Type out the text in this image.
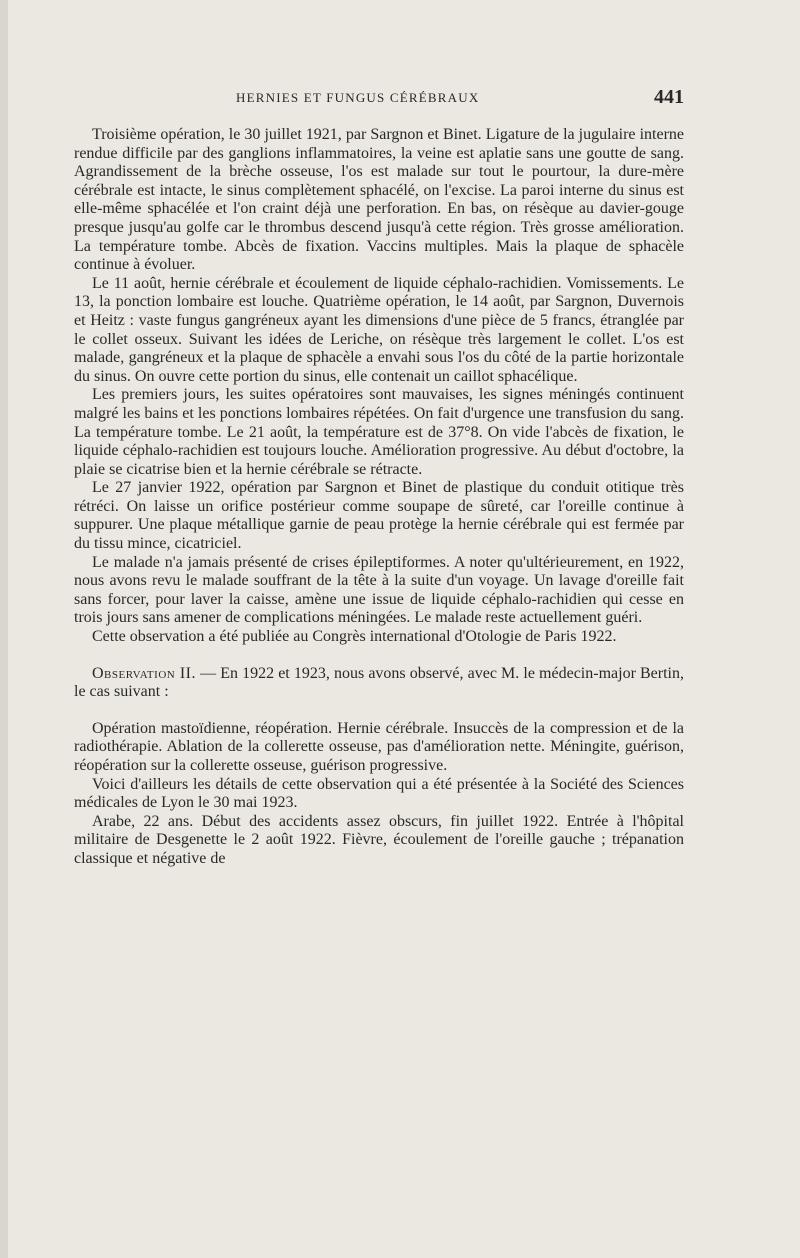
HERNIES ET FUNGUS CÉRÉBRAUX	441

Troisième opération, le 30 juillet 1921, par Sargnon et Binet. Ligature de la jugulaire interne rendue difficile par des ganglions inflammatoires, la veine est aplatie sans une goutte de sang. Agrandissement de la brèche osseuse, l'os est malade sur tout le pourtour, la dure-mère cérébrale est intacte, le sinus complètement sphacélé, on l'excise. La paroi interne du sinus est elle-même sphacélée et l'on craint déjà une perforation. En bas, on résèque au davier-gouge presque jusqu'au golfe car le thrombus descend jusqu'à cette région. Très grosse amélioration. La température tombe. Abcès de fixation. Vaccins multiples. Mais la plaque de sphacèle continue à évoluer.

Le 11 août, hernie cérébrale et écoulement de liquide céphalo-rachidien. Vomissements. Le 13, la ponction lombaire est louche. Quatrième opération, le 14 août, par Sargnon, Duvernois et Heitz : vaste fungus gangréneux ayant les dimensions d'une pièce de 5 francs, étranglée par le collet osseux. Suivant les idées de Leriche, on résèque très largement le collet. L'os est malade, gangréneux et la plaque de sphacèle a envahi sous l'os du côté de la partie horizontale du sinus. On ouvre cette portion du sinus, elle contenait un caillot sphacélique.

Les premiers jours, les suites opératoires sont mauvaises, les signes méningés continuent malgré les bains et les ponctions lombaires répétées. On fait d'urgence une transfusion du sang. La température tombe. Le 21 août, la température est de 37°8. On vide l'abcès de fixation, le liquide céphalo-rachidien est toujours louche. Amélioration progressive. Au début d'octobre, la plaie se cicatrise bien et la hernie cérébrale se rétracte.

Le 27 janvier 1922, opération par Sargnon et Binet de plastique du conduit otitique très rétréci. On laisse un orifice postérieur comme soupape de sûreté, car l'oreille continue à suppurer. Une plaque métallique garnie de peau protège la hernie cérébrale qui est fermée par du tissu mince, cicatriciel.

Le malade n'a jamais présenté de crises épileptiformes. A noter qu'ultérieurement, en 1922, nous avons revu le malade souffrant de la tête à la suite d'un voyage. Un lavage d'oreille fait sans forcer, pour laver la caisse, amène une issue de liquide céphalo-rachidien qui cesse en trois jours sans amener de complications méningées. Le malade reste actuellement guéri.

Cette observation a été publiée au Congrès international d'Otologie de Paris 1922.

Observation II. — En 1922 et 1923, nous avons observé, avec M. le médecin-major Bertin, le cas suivant :

Opération mastoïdienne, réopération. Hernie cérébrale. Insuccès de la compression et de la radiothérapie. Ablation de la collerette osseuse, pas d'amélioration nette. Méningite, guérison, réopération sur la collerette osseuse, guérison progressive.

Voici d'ailleurs les détails de cette observation qui a été présentée à la Société des Sciences médicales de Lyon le 30 mai 1923.

Arabe, 22 ans. Début des accidents assez obscurs, fin juillet 1922. Entrée à l'hôpital militaire de Desgenette le 2 août 1922. Fièvre, écoulement de l'oreille gauche ; trépanation classique et négative de
